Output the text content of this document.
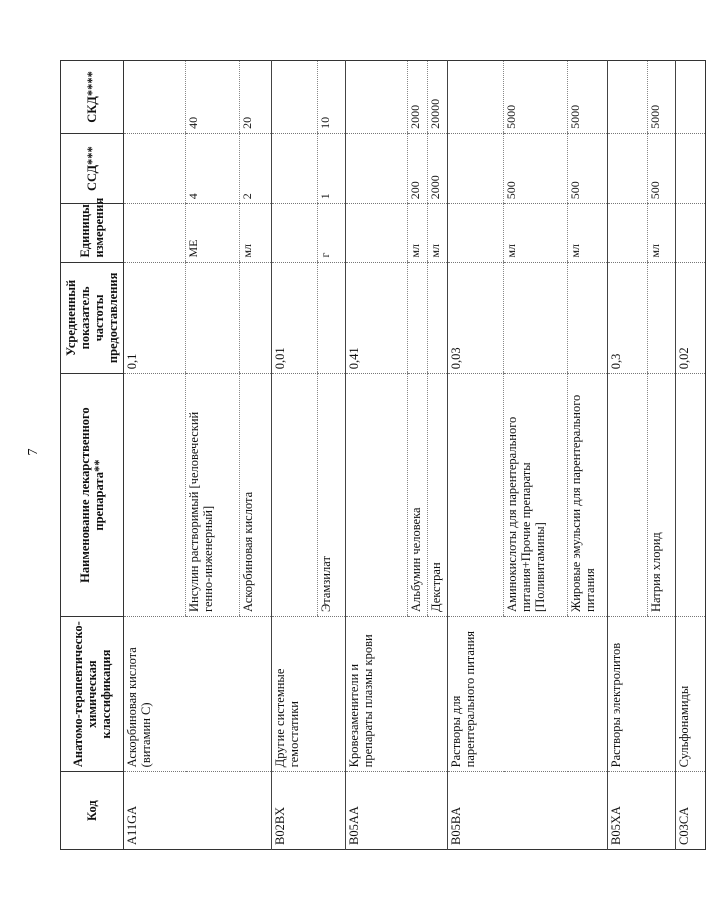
7
Код	Анатомо-терапевтическо-химическая классификация	Наименование лекарственного препарата**	Усредненный показатель частоты предоставления	Единицы измерения	ССД***	СКД****
A11GA	Аскорбиновая кислота (витамин С)		0,1			
		Инсулин растворимый [человеческий генно-инженерный]		МЕ	4	40
		Аскорбиновая кислота		мл	2	20
B02BX	Другие системные гемостатики		0,01			
		Этамзилат		г	1	10
B05AA	Кровезаменители и препараты плазмы крови		0,41			
		Альбумин человека		мл	200	2000
		Декстран		мл	2000	20000
B05BA	Растворы для парентерального питания		0,03			
		Аминокислоты для парентерального питания+Прочие препараты [Поливитамины]		мл	500	5000
		Жировые эмульсии для парентерального питания		мл	500	5000
B05XA	Растворы электролитов		0,3			
		Натрия хлорид		мл	500	5000
C03CA	Сульфонамиды		0,02			
